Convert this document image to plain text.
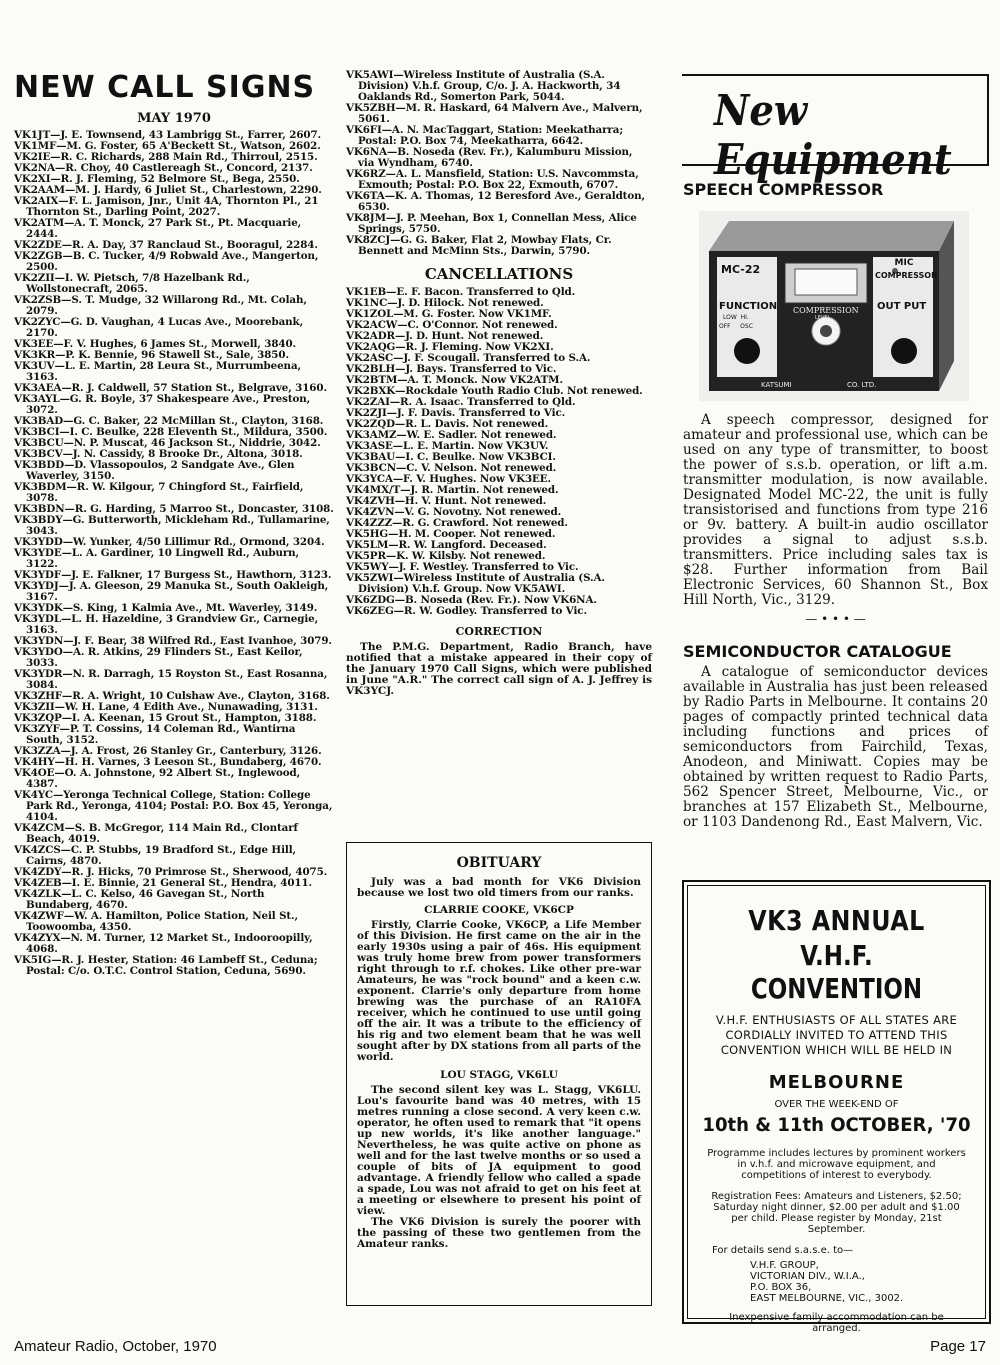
NEW CALL SIGNS
MAY 1970

VK1JT—J. E. Townsend, 43 Lambrigg St., Farrer, 2607.

VK1MF—M. G. Foster, 65 A'Beckett St., Watson, 2602.

VK2IE—R. C. Richards, 288 Main Rd., Thirroul, 2515.

VK2NA—R. Choy, 40 Castlereagh St., Concord, 2137.

VK2XI—R. J. Fleming, 52 Belmore St., Bega, 2550.

VK2AAM—M. J. Hardy, 6 Juliet St., Charlestown, 2290.

VK2AIX—F. L. Jamison, Jnr., Unit 4A, Thornton Pl., 21 Thornton St., Darling Point, 2027.

VK2ATM—A. T. Monck, 27 Park St., Pt. Macquarie, 2444.

VK2ZDE—R. A. Day, 37 Ranclaud St., Booragul, 2284.

VK2ZGB—B. C. Tucker, 4/9 Robwald Ave., Mangerton, 2500.

VK2ZII—I. W. Pietsch, 7/8 Hazelbank Rd., Wollstonecraft, 2065.

VK2ZSB—S. T. Mudge, 32 Willarong Rd., Mt. Colah, 2079.

VK2ZYC—G. D. Vaughan, 4 Lucas Ave., Moorebank, 2170.

VK3EE—F. V. Hughes, 6 James St., Morwell, 3840.

VK3KR—P. K. Bennie, 96 Stawell St., Sale, 3850.

VK3UV—L. E. Martin, 28 Leura St., Murrumbeena, 3163.

VK3AEA—R. J. Caldwell, 57 Station St., Belgrave, 3160.

VK3AYL—G. R. Boyle, 37 Shakespeare Ave., Preston, 3072.

VK3BAD—G. C. Baker, 22 McMillan St., Clayton, 3168.

VK3BCI—I. C. Beulke, 228 Eleventh St., Mildura, 3500.

VK3BCU—N. P. Muscat, 46 Jackson St., Niddrie, 3042.

VK3BCV—J. N. Cassidy, 8 Brooke Dr., Altona, 3018.

VK3BDD—D. Vlassopoulos, 2 Sandgate Ave., Glen Waverley, 3150.

VK3BDM—R. W. Kilgour, 7 Chingford St., Fairfield, 3078.

VK3BDN—R. G. Harding, 5 Marroo St., Doncaster, 3108.

VK3BDY—G. Butterworth, Mickleham Rd., Tullamarine, 3043.

VK3YDD—W. Yunker, 4/50 Lillimur Rd., Ormond, 3204.

VK3YDE—L. A. Gardiner, 10 Lingwell Rd., Auburn, 3122.

VK3YDF—J. E. Falkner, 17 Burgess St., Hawthorn, 3123.

VK3YDJ—J. A. Gleeson, 29 Manuka St., South Oakleigh, 3167.

VK3YDK—S. King, 1 Kalmia Ave., Mt. Waverley, 3149.

VK3YDL—L. H. Hazeldine, 3 Grandview Gr., Carnegie, 3163.

VK3YDN—J. F. Bear, 38 Wilfred Rd., East Ivanhoe, 3079.

VK3YDO—A. R. Atkins, 29 Flinders St., East Keilor, 3033.

VK3YDR—N. R. Darragh, 15 Royston St., East Rosanna, 3084.

VK3ZHF—R. A. Wright, 10 Culshaw Ave., Clayton, 3168.

VK3ZII—W. H. Lane, 4 Edith Ave., Nunawading, 3131.

VK3ZQP—I. A. Keenan, 15 Grout St., Hampton, 3188.

VK3ZYF—P. T. Cossins, 14 Coleman Rd., Wantirna South, 3152.

VK3ZZA—J. A. Frost, 26 Stanley Gr., Canterbury, 3126.

VK4HY—H. H. Varnes, 3 Leeson St., Bundaberg, 4670.

VK4OE—O. A. Johnstone, 92 Albert St., Inglewood, 4387.

VK4YC—Yeronga Technical College, Station: College Park Rd., Yeronga, 4104; Postal: P.O. Box 45, Yeronga, 4104.

VK4ZCM—S. B. McGregor, 114 Main Rd., Clontarf Beach, 4019.

VK4ZCS—C. P. Stubbs, 19 Bradford St., Edge Hill, Cairns, 4870.

VK4ZDY—R. J. Hicks, 70 Primrose St., Sherwood, 4075.

VK4ZEB—I. E. Binnie, 21 General St., Hendra, 4011.

VK4ZLK—L. C. Kelso, 46 Gavegan St., North Bundaberg, 4670.

VK4ZWF—W. A. Hamilton, Police Station, Neil St., Toowoomba, 4350.

VK4ZYX—N. M. Turner, 12 Market St., Indooroopilly, 4068.

VK5IG—R. J. Hester, Station: 46 Lambeff St., Ceduna; Postal: C/o. O.T.C. Control Station, Ceduna, 5690.

VK5AWI—Wireless Institute of Australia (S.A. Division) V.h.f. Group, C/o. J. A. Hackworth, 34 Oaklands Rd., Somerton Park, 5044.

VK5ZBH—M. R. Haskard, 64 Malvern Ave., Malvern, 5061.

VK6FI—A. N. MacTaggart, Station: Meekatharra; Postal: P.O. Box 74, Meekatharra, 6642.

VK6NA—B. Noseda (Rev. Fr.), Kalumburu Mission, via Wyndham, 6740.

VK6RZ—A. L. Mansfield, Station: U.S. Navcommsta, Exmouth; Postal: P.O. Box 22, Exmouth, 6707.

VK6TA—K. A. Thomas, 12 Beresford Ave., Geraldton, 6530.

VK8JM—J. P. Meehan, Box 1, Connellan Mess, Alice Springs, 5750.

VK8ZCJ—G. G. Baker, Flat 2, Mowbay Flats, Cr. Bennett and McMinn Sts., Darwin, 5790.

CANCELLATIONS

VK1EB—E. F. Bacon. Transferred to Qld.

VK1NC—J. D. Hilock. Not renewed.

VK1ZOL—M. G. Foster. Now VK1MF.

VK2ACW—C. O'Connor. Not renewed.

VK2ADR—J. D. Hunt. Not renewed.

VK2AQG—R. J. Fleming. Now VK2XI.

VK2ASC—J. F. Scougall. Transferred to S.A.

VK2BLH—J. Bays. Transferred to Vic.

VK2BTM—A. T. Monck. Now VK2ATM.

VK2BXK—Rockdale Youth Radio Club. Not renewed.

VK2ZAI—R. A. Isaac. Transferred to Qld.

VK2ZJI—J. F. Davis. Transferred to Vic.

VK2ZQD—R. L. Davis. Not renewed.

VK3AMZ—W. E. Sadler. Not renewed.

VK3ASE—L. E. Martin. Now VK3UV.

VK3BAU—I. C. Beulke. Now VK3BCI.

VK3BCN—C. V. Nelson. Not renewed.

VK3YCA—F. V. Hughes. Now VK3EE.

VK4MX/T—J. R. Martin. Not renewed.

VK4ZVH—H. V. Hunt. Not renewed.

VK4ZVN—V. G. Novotny. Not renewed.

VK4ZZZ—R. G. Crawford. Not renewed.

VK5HG—H. M. Cooper. Not renewed.

VK5LM—R. W. Langford. Deceased.

VK5PR—K. W. Kilsby. Not renewed.

VK5WY—J. F. Westley. Transferred to Vic.

VK5ZWI—Wireless Institute of Australia (S.A. Division) V.h.f. Group. Now VK5AWI.

VK6ZDG—B. Noseda (Rev. Fr.). Now VK6NA.

VK6ZEG—R. W. Godley. Transferred to Vic.

CORRECTION

The P.M.G. Department, Radio Branch, have notified that a mistake appeared in their copy of the January 1970 Call Signs, which were published in June "A.R." The correct call sign of A. J. Jeffrey is VK3YCJ.

OBITUARY

July was a bad month for VK6 Division because we lost two old timers from our ranks.

CLARRIE COOKE, VK6CP

Firstly, Clarrie Cooke, VK6CP, a Life Member of this Division. He first came on the air in the early 1930s using a pair of 46s. His equipment was truly home brew from power transformers right through to r.f. chokes. Like other pre-war Amateurs, he was "rock bound" and a keen c.w. exponent. Clarrie's only departure from home brewing was the purchase of an RA10FA receiver, which he continued to use until going off the air. It was a tribute to the efficiency of his rig and two element beam that he was well sought after by DX stations from all parts of the world.

LOU STAGG, VK6LU

The second silent key was L. Stagg, VK6LU. Lou's favourite band was 40 metres, with 15 metres running a close second. A very keen c.w. operator, he often used to remark that "it opens up new worlds, it's like another language." Nevertheless, he was quite active on phone as well and for the last twelve months or so used a couple of bits of JA equipment to good advantage. A friendly fellow who called a spade a spade, Lou was not afraid to get on his feet at a meeting or elsewhere to present his point of view.

The VK6 Division is surely the poorer with the passing of these two gentlemen from the Amateur ranks.

New Equipment
SPEECH COMPRESSOR
MC-22	MIC
COMPRESSOR
FUNCTION
LOW HI.
OFF OSC
COMPRESSION
LEVEL
OUT PUT
KATSUMI	CO. LTD.

A speech compressor, designed for amateur and professional use, which can be used on any type of transmitter, to boost the power of s.s.b. operation, or lift a.m. transmitter modulation, is now available. Designated Model MC-22, the unit is fully transistorised and functions from type 216 or 9v. battery. A built-in audio oscillator provides a signal to adjust s.s.b. transmitters. Price including sales tax is $28. Further information from Bail Electronic Services, 60 Shannon St., Box Hill North, Vic., 3129.

— • • • —
SEMICONDUCTOR CATALOGUE

A catalogue of semiconductor devices available in Australia has just been released by Radio Parts in Melbourne. It contains 20 pages of compactly printed technical data including functions and prices of semiconductors from Fairchild, Texas, Anodeon, and Miniwatt. Copies may be obtained by written request to Radio Parts, 562 Spencer Street, Melbourne, Vic., or branches at 157 Elizabeth St., Melbourne, or 1103 Dandenong Rd., East Malvern, Vic.

VK3 ANNUAL
V.H.F. CONVENTION
V.H.F. ENTHUSIASTS OF ALL STATES ARE CORDIALLY INVITED TO ATTEND THIS CONVENTION WHICH WILL BE HELD IN
MELBOURNE
OVER THE WEEK-END OF
10th & 11th OCTOBER, '70
Programme includes lectures by prominent workers in v.h.f. and microwave equipment, and competitions of interest to everybody.
Registration Fees: Amateurs and Listeners, $2.50; Saturday night dinner, $2.00 per adult and $1.00 per child. Please register by Monday, 21st September.
For details send s.a.s.e. to—
V.H.F. GROUP,
VICTORIAN DIV., W.I.A.,
P.O. BOX 36,
EAST MELBOURNE, VIC., 3002.
Inexpensive family accommodation can be arranged.
Amateur Radio, October, 1970	Page 17
